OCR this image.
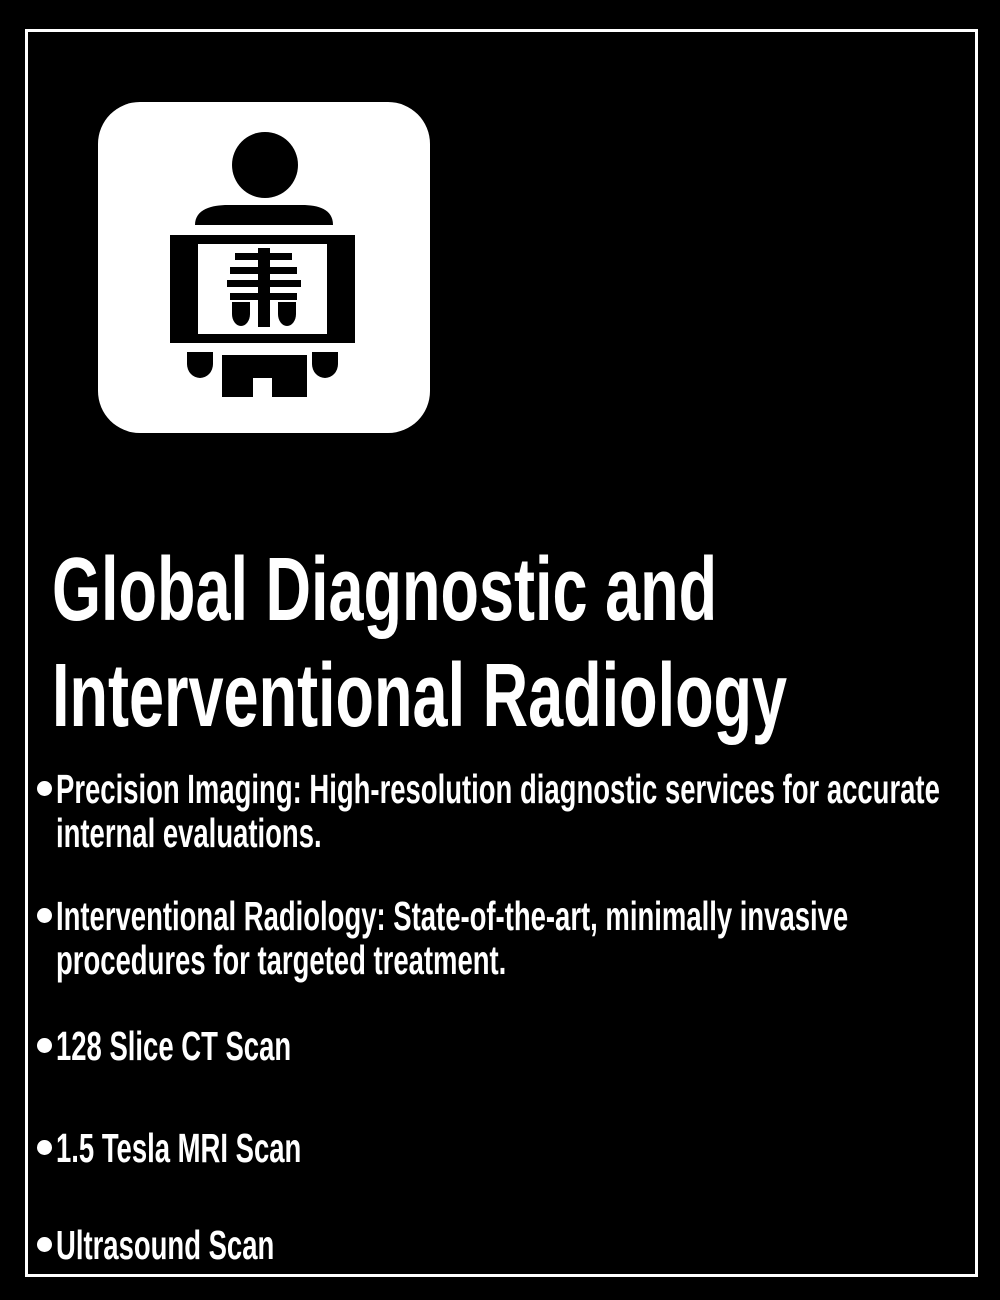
Global Diagnostic and
Interventional Radiology
Precision Imaging: High-resolution diagnostic services for accurate
internal evaluations.
Interventional Radiology: State-of-the-art, minimally invasive
procedures for targeted treatment.
128 Slice CT Scan
1.5 Tesla MRI Scan
Ultrasound Scan
